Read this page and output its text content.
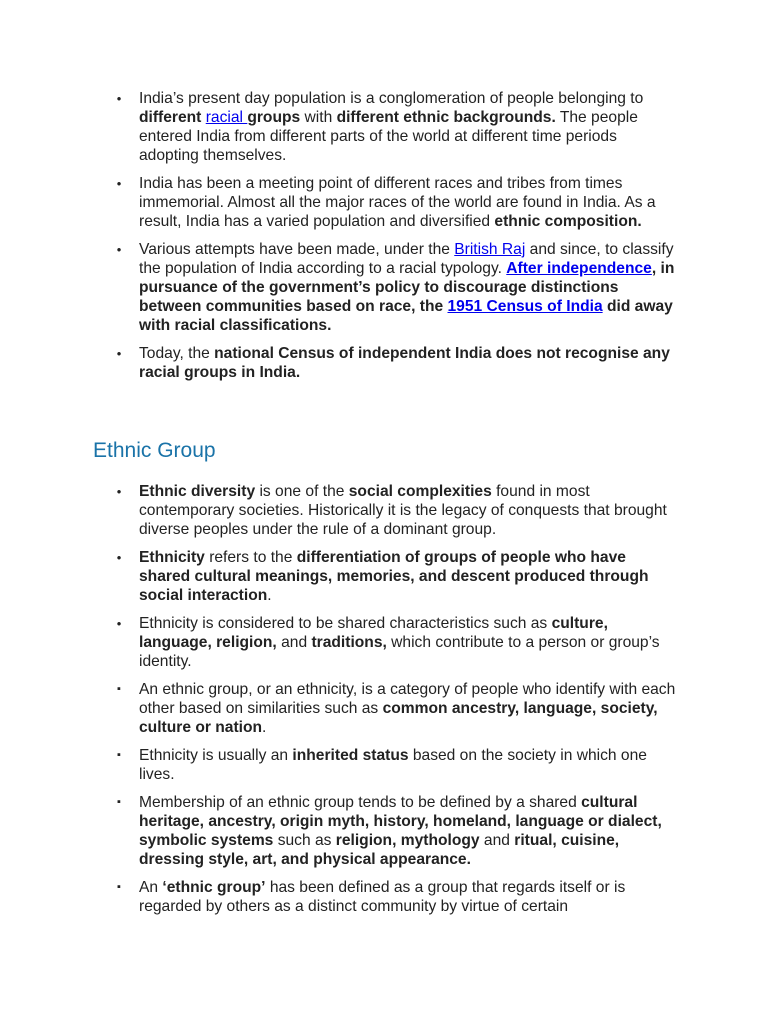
• India’s present day population is a conglomeration of people belonging to different racial groups with different ethnic backgrounds. The people entered India from different parts of the world at different time periods adopting themselves.
• India has been a meeting point of different races and tribes from times immemorial. Almost all the major races of the world are found in India. As a result, India has a varied population and diversified ethnic composition.
• Various attempts have been made, under the British Raj and since, to classify the population of India according to a racial typology. After independence, in pursuance of the government’s policy to discourage distinctions between communities based on race, the 1951 Census of India did away with racial classifications.
• Today, the national Census of independent India does not recognise any racial groups in India.
Ethnic Group
• Ethnic diversity is one of the social complexities found in most contemporary societies. Historically it is the legacy of conquests that brought diverse peoples under the rule of a dominant group.
• Ethnicity refers to the differentiation of groups of people who have shared cultural meanings, memories, and descent produced through social interaction.
• Ethnicity is considered to be shared characteristics such as culture, language, religion, and traditions, which contribute to a person or group’s identity.
▪ An ethnic group, or an ethnicity, is a category of people who identify with each other based on similarities such as common ancestry, language, society, culture or nation.
▪ Ethnicity is usually an inherited status based on the society in which one lives.
▪ Membership of an ethnic group tends to be defined by a shared cultural heritage, ancestry, origin myth, history, homeland, language or dialect, symbolic systems such as religion, mythology and ritual, cuisine, dressing style, art, and physical appearance.
▪ An ‘ethnic group’ has been defined as a group that regards itself or is regarded by others as a distinct community by virtue of certain
